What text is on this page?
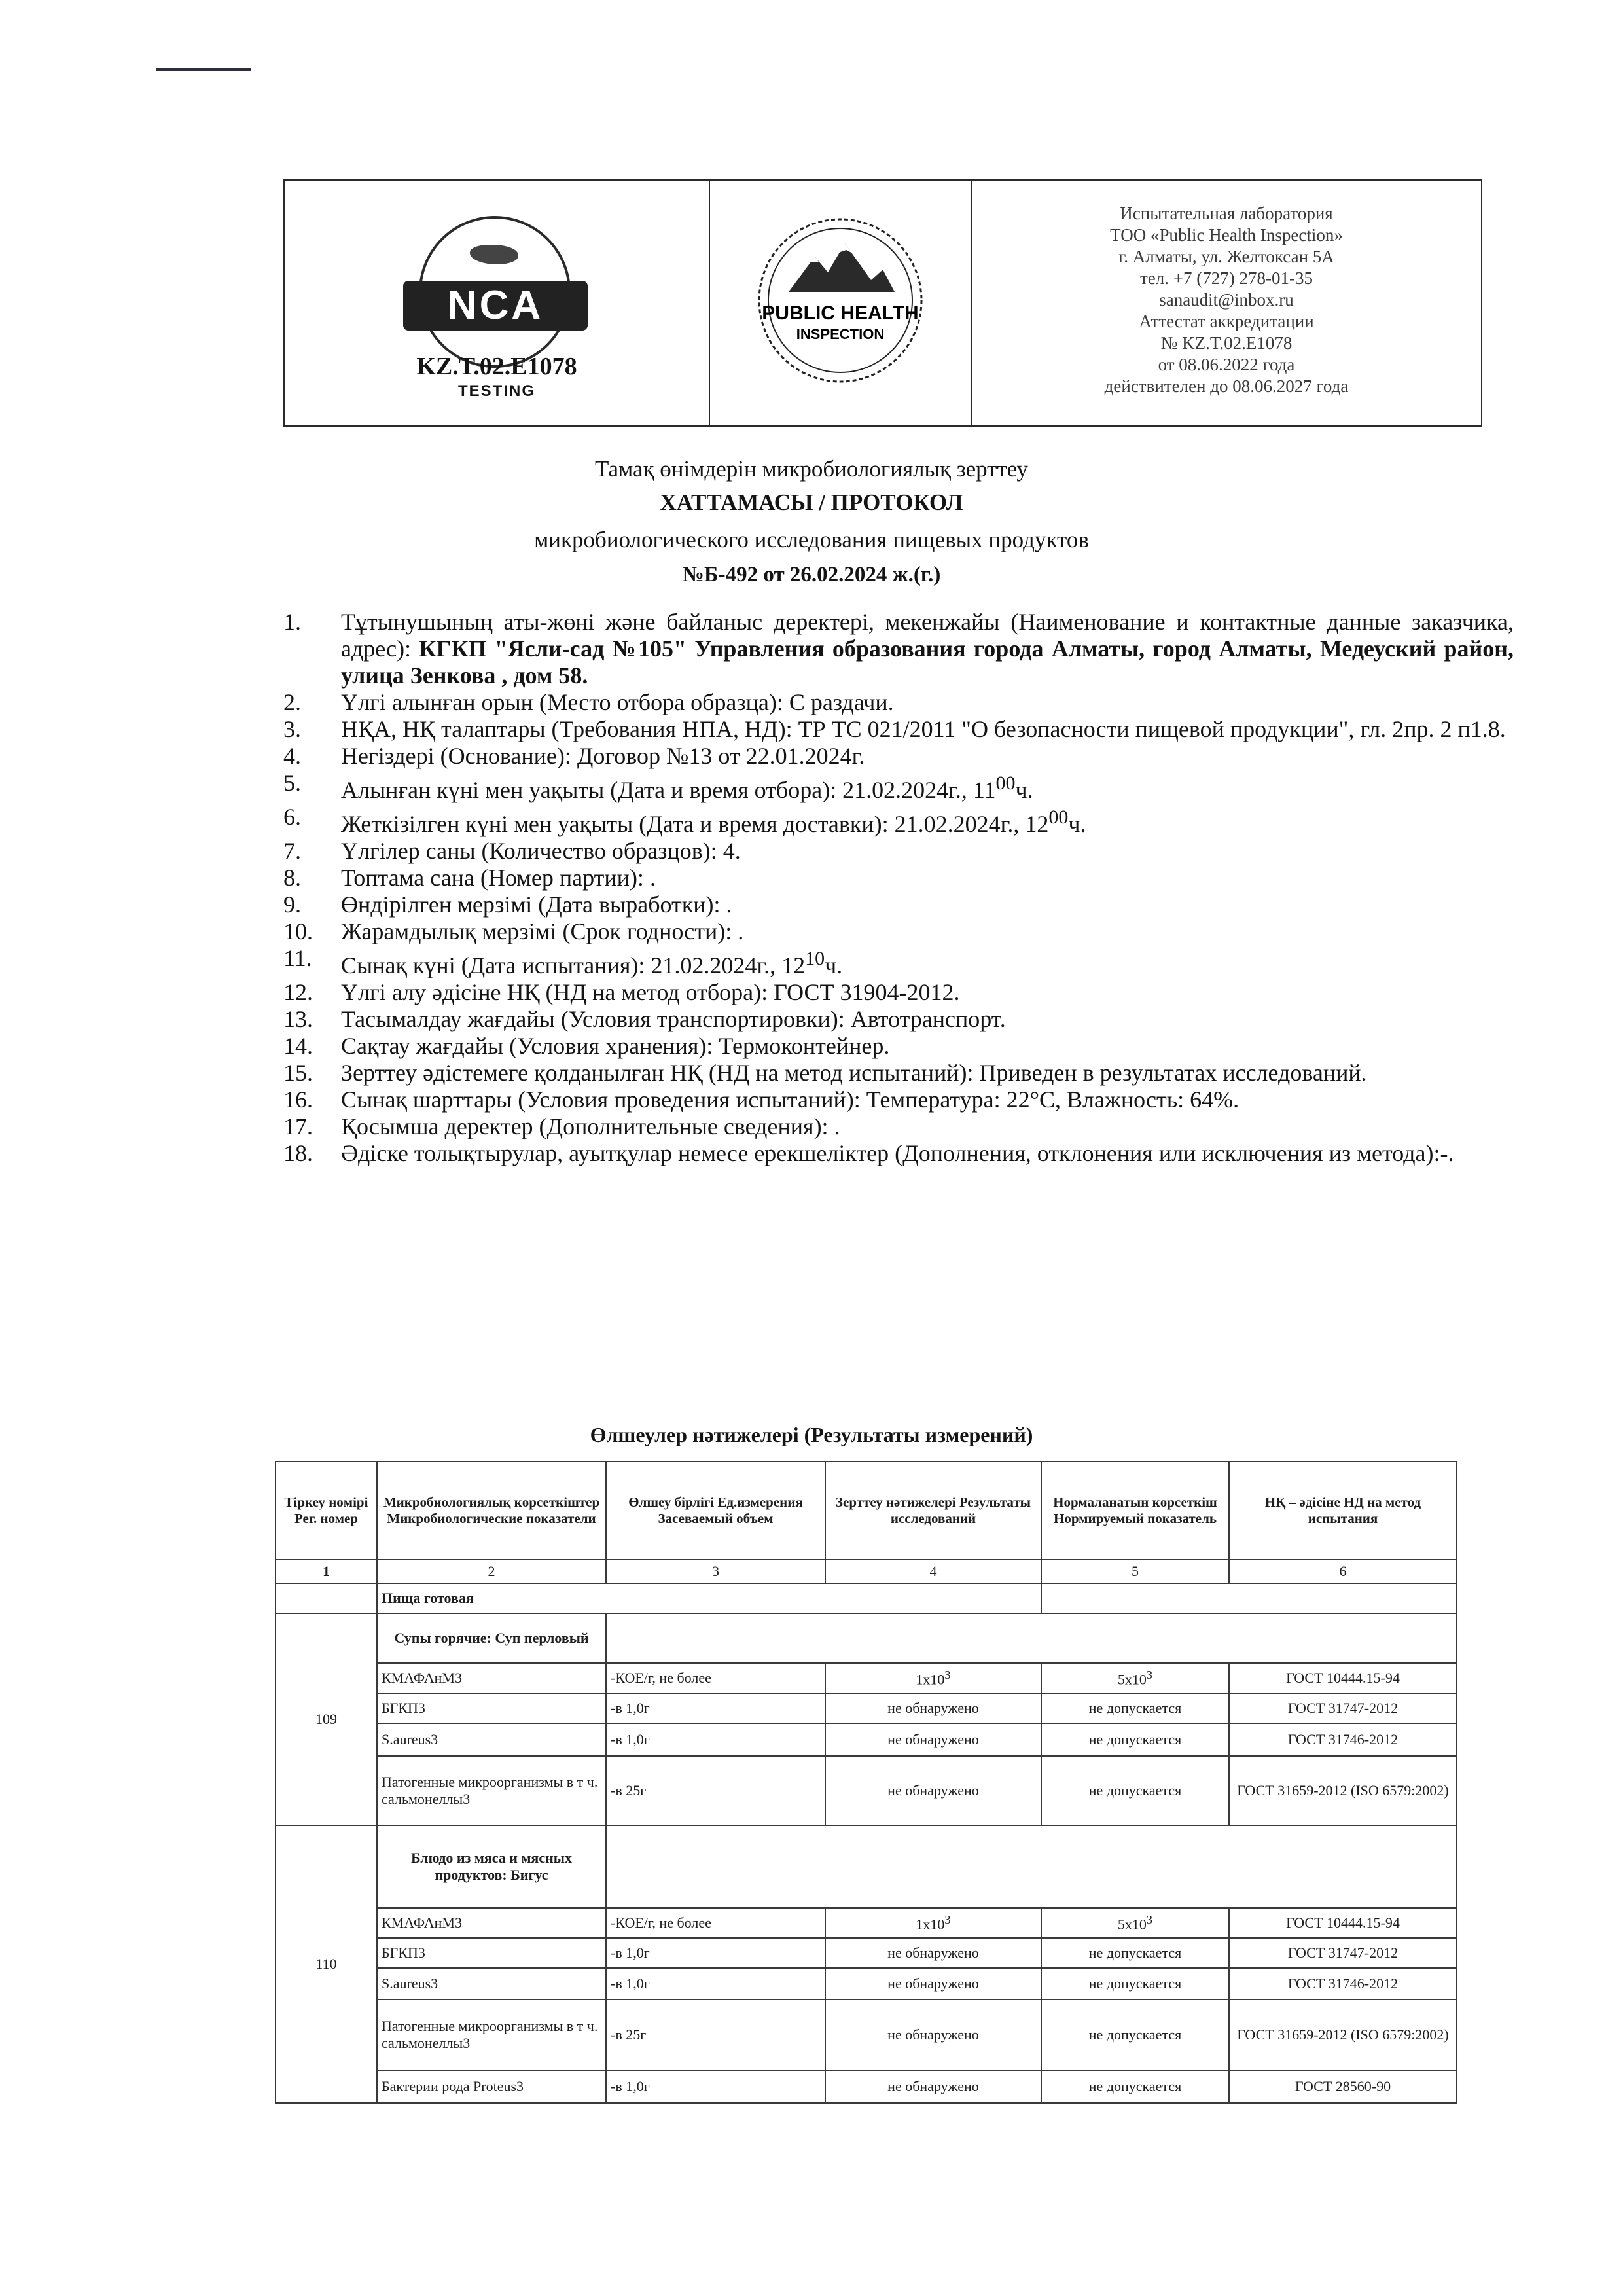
NCA
KZ.T.02.E1078
TESTING
PUBLIC HEALTH
INSPECTION
Испытательная лаборатория
ТОО «Public Health Inspection»
г. Алматы, ул. Желтоксан 5А
тел. +7 (727) 278-01-35
sanaudit@inbox.ru
Аттестат аккредитации
№ KZ.T.02.E1078
от 08.06.2022 года
действителен до 08.06.2027 года
Тамақ өнімдерін микробиологиялық зерттеу
ХАТТАМАСЫ / ПРОТОКОЛ
микробиологического исследования пищевых продуктов
№Б-492 от 26.02.2024 ж.(г.)
1.	Тұтынушының аты-жөні және байланыс деректері, мекенжайы (Наименование и контактные данные заказчика, адрес): КГКП "Ясли-сад №105" Управления образования города Алматы, город Алматы, Медеуский район, улица Зенкова , дом 58.
2.	Үлгі алынған орын (Место отбора образца): С раздачи.
3.	НҚА, НҚ талаптары (Требования НПА, НД): ТР ТС 021/2011 "О безопасности пищевой продукции", гл. 2пр. 2 п1.8.
4.	Негіздері (Основание): Договор №13 от 22.01.2024г.
5.	Алынған күні мен уақыты (Дата и время отбора): 21.02.2024г., $11^{00}ч$.
6.	Жеткізілген күні мен уақыты (Дата и время доставки): 21.02.2024г., $12^{00}ч$.
7.	Үлгілер саны (Количество образцов): 4.
8.	Топтама сана (Номер партии): .
9.	Өндірілген мерзімі (Дата выработки): .
10.	Жарамдылық мерзімі (Срок годности): .
11.	Сынақ күні (Дата испытания): 21.02.2024г., $12^{10}ч$.
12.	Үлгі алу әдісіне НҚ (НД на метод отбора): ГОСТ 31904-2012.
13.	Тасымалдау жағдайы (Условия транспортировки): Автотранспорт.
14.	Сақтау жағдайы (Условия хранения): Термоконтейнер.
15.	Зерттеу әдістемеге қолданылған НҚ (НД на метод испытаний): Приведен в результатах исследований.
16.	Сынақ шарттары (Условия проведения испытаний): Температура: 22°С, Влажность: 64%.
17.	Қосымша деректер (Дополнительные сведения): .
18.	Әдіске толықтырулар, ауытқулар немесе ерекшеліктер (Дополнения, отклонения или исключения из метода):-.
Өлшеулер нәтижелері (Результаты измерений)
Тіркеу нөмірі Рег. номер	Микробиологиялық көрсеткіштер Микробиологические показатели	Өлшеу бірлігі Ед.измерения Засеваемый объем	Зерттеу нәтижелері Результаты исследований	Нормаланатын көрсеткіш Нормируемый показатель	НҚ – әдісіне НД на метод испытания
1	2	3	4	5	6
	Пища готовая				
109	Супы горячие: Суп перловый				
	КМАФАнМ3	-КОЕ/г, не более	$1x10^3$	$5x10^3$	ГОСТ 10444.15-94
	БГКП3	-в 1,0г	не обнаружено	не допускается	ГОСТ 31747-2012
	S.aureus3	-в 1,0г	не обнаружено	не допускается	ГОСТ 31746-2012
	Патогенные микроорганизмы в т ч. сальмонеллы3	-в 25г	не обнаружено	не допускается	ГОСТ 31659-2012 (ISO 6579:2002)
110	Блюдо из мяса и мясных продуктов: Бигус				
	КМАФАнМ3	-КОЕ/г, не более	$1x10^3$	$5x10^3$	ГОСТ 10444.15-94
	БГКП3	-в 1,0г	не обнаружено	не допускается	ГОСТ 31747-2012
	S.aureus3	-в 1,0г	не обнаружено	не допускается	ГОСТ 31746-2012
	Патогенные микроорганизмы в т ч. сальмонеллы3	-в 25г	не обнаружено	не допускается	ГОСТ 31659-2012 (ISO 6579:2002)
	Бактерии рода Proteus3	-в 1,0г	не обнаружено	не допускается	ГОСТ 28560-90
